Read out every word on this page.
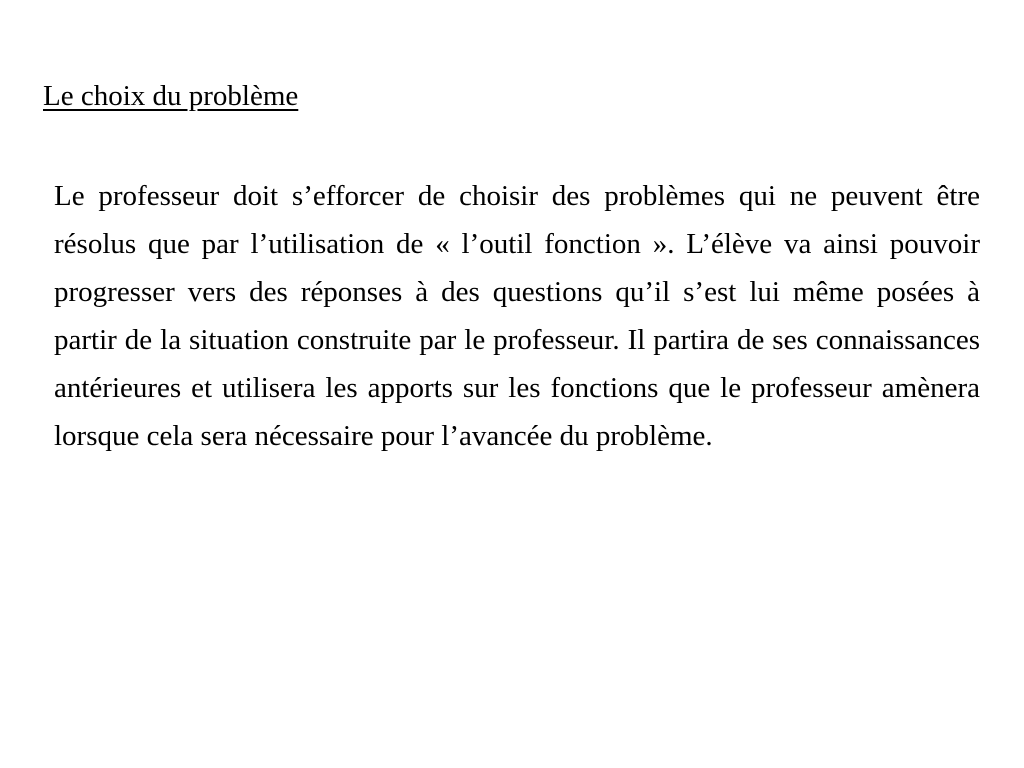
Le choix du problème

Le professeur doit s’efforcer de choisir des problèmes qui ne peuvent être résolus que par l’utilisation de « l’outil fonction ». L’élève va ainsi pouvoir progresser vers des réponses à des questions qu’il s’est lui même posées à partir de la situation construite par le professeur. Il partira de ses connaissances antérieures et utilisera les apports sur les fonctions que le professeur amènera lorsque cela sera nécessaire pour l’avancée du problème.
